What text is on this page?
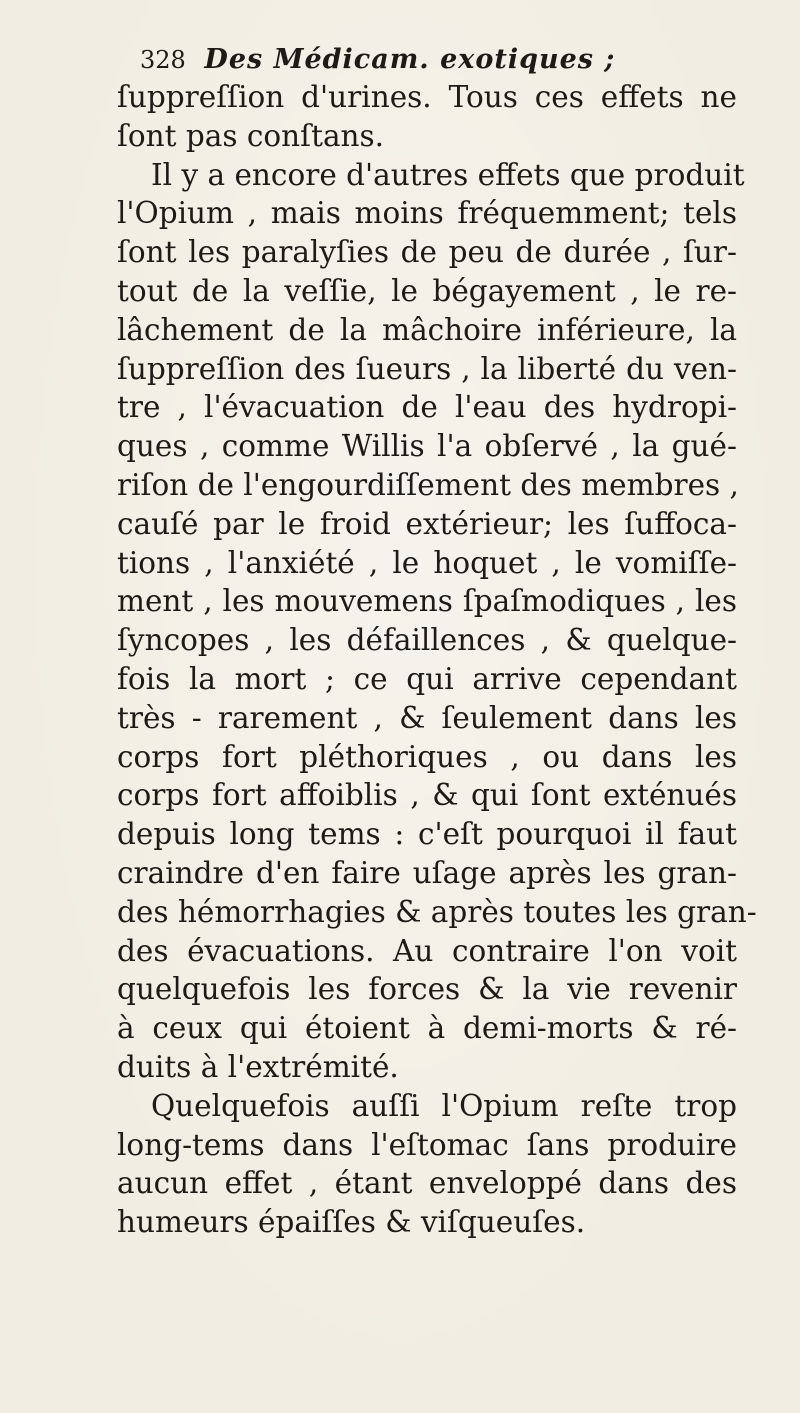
328 Des Médicam. exotiques ;
ſuppreſſion d'urines. Tous ces effets ne
ſont pas conſtans.
Il y a encore d'autres effets que produit
l'Opium , mais moins fréquemment; tels
ſont les paralyſies de peu de durée , ſur-
tout de la veſſie, le bégayement , le re-
lâchement de la mâchoire inférieure, la
ſuppreſſion des ſueurs , la liberté du ven-
tre , l'évacuation de l'eau des hydropi-
ques , comme Willis l'a obſervé , la gué-
riſon de l'engourdiſſement des membres ,
cauſé par le froid extérieur; les ſuffoca-
tions , l'anxiété , le hoquet , le vomiſſe-
ment , les mouvemens ſpaſmodiques , les
ſyncopes , les défaillences , & quelque-
fois la mort ; ce qui arrive cependant
très - rarement , & ſeulement dans les
corps fort pléthoriques , ou dans les
corps fort affoiblis , & qui ſont exténués
depuis long tems : c'eſt pourquoi il faut
craindre d'en faire uſage après les gran-
des hémorrhagies & après toutes les gran-
des évacuations. Au contraire l'on voit
quelquefois les forces & la vie revenir
à ceux qui étoient à demi-morts & ré-
duits à l'extrémité.
Quelquefois auſſi l'Opium reſte trop
long-tems dans l'eſtomac ſans produire
aucun effet , étant enveloppé dans des
humeurs épaiſſes & viſqueuſes.
